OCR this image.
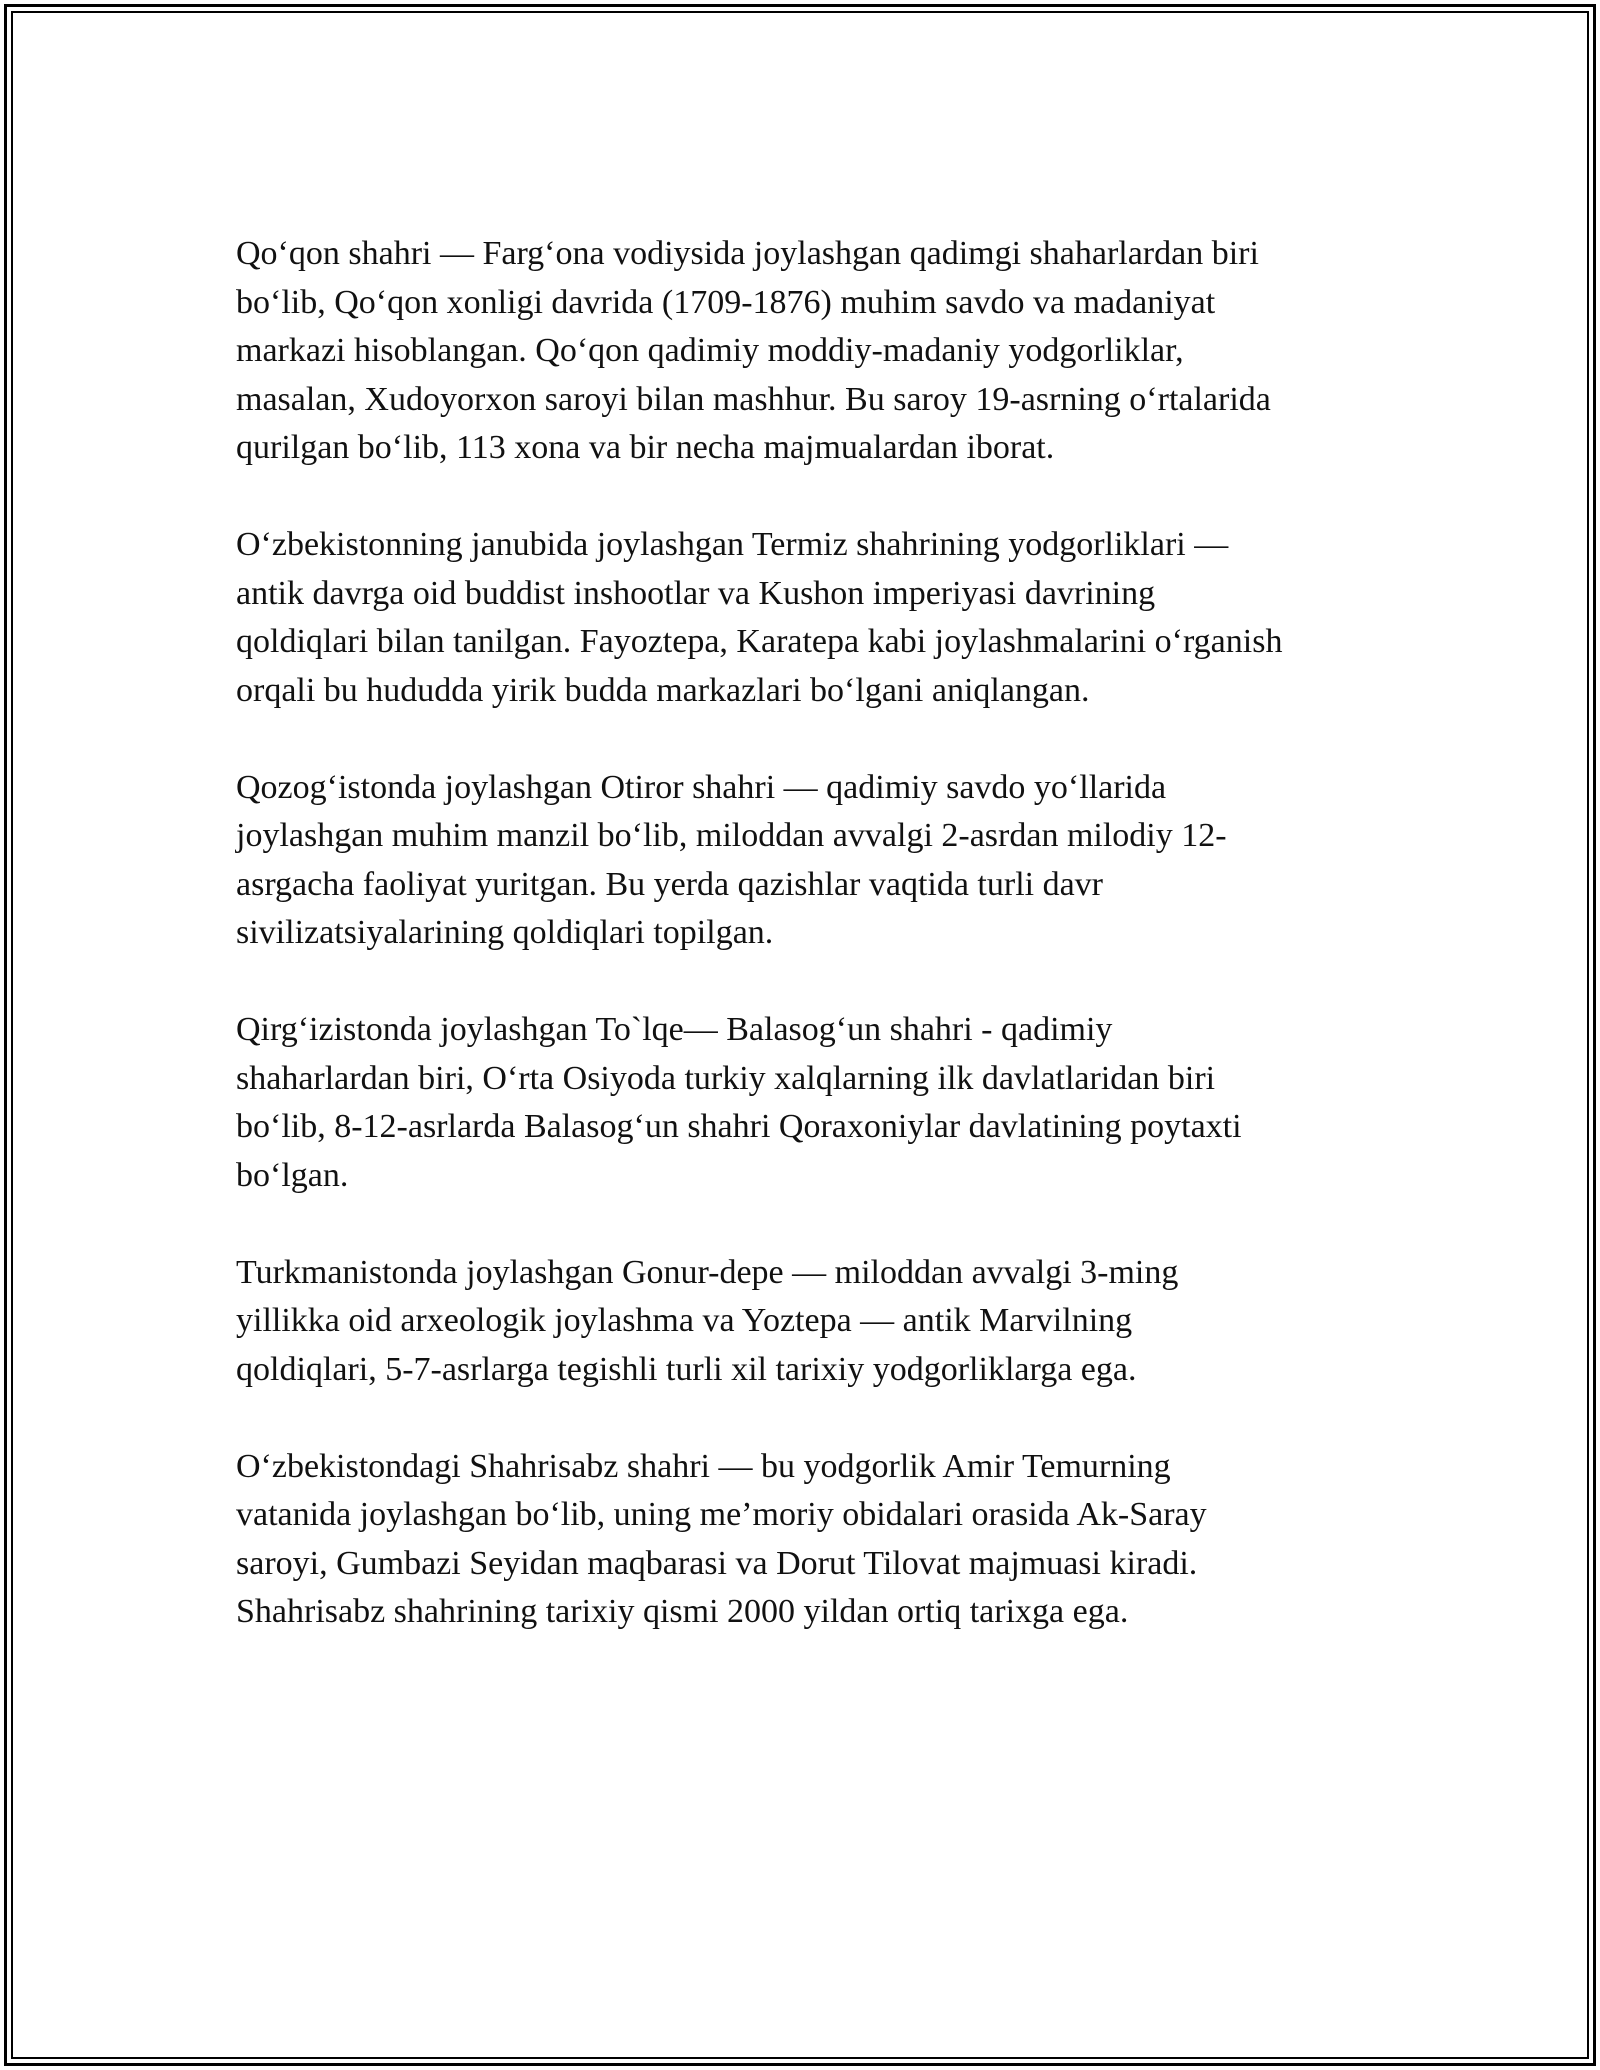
Qo‘qon shahri — Farg‘ona vodiysida joylashgan qadimgi shaharlardan biri
bo‘lib, Qo‘qon xonligi davrida (1709-1876) muhim savdo va madaniyat
markazi hisoblangan. Qo‘qon qadimiy moddiy-madaniy yodgorliklar,
masalan, Xudoyorxon saroyi bilan mashhur. Bu saroy 19-asrning o‘rtalarida
qurilgan bo‘lib, 113 xona va bir necha majmualardan iborat.

O‘zbekistonning janubida joylashgan Termiz shahrining yodgorliklari —
antik davrga oid buddist inshootlar va Kushon imperiyasi davrining
qoldiqlari bilan tanilgan. Fayoztepa, Karatepa kabi joylashmalarini o‘rganish
orqali bu hududda yirik budda markazlari bo‘lgani aniqlangan.

Qozog‘istonda joylashgan Otiror shahri — qadimiy savdo yo‘llarida
joylashgan muhim manzil bo‘lib, miloddan avvalgi 2-asrdan milodiy 12-
asrgacha faoliyat yuritgan. Bu yerda qazishlar vaqtida turli davr
sivilizatsiyalarining qoldiqlari topilgan.

Qirg‘izistonda joylashgan To`lqe— Balasog‘un shahri - qadimiy
shaharlardan biri, O‘rta Osiyoda turkiy xalqlarning ilk davlatlaridan biri
bo‘lib, 8-12-asrlarda Balasog‘un shahri Qoraxoniylar davlatining poytaxti
bo‘lgan.

Turkmanistonda joylashgan Gonur-depe — miloddan avvalgi 3-ming
yillikka oid arxeologik joylashma va Yoztepa — antik Marvilning
qoldiqlari, 5-7-asrlarga tegishli turli xil tarixiy yodgorliklarga ega.

O‘zbekistondagi Shahrisabz shahri — bu yodgorlik Amir Temurning
vatanida joylashgan bo‘lib, uning me’moriy obidalari orasida Ak-Saray
saroyi, Gumbazi Seyidan maqbarasi va Dorut Tilovat majmuasi kiradi.
Shahrisabz shahrining tarixiy qismi 2000 yildan ortiq tarixga ega.
